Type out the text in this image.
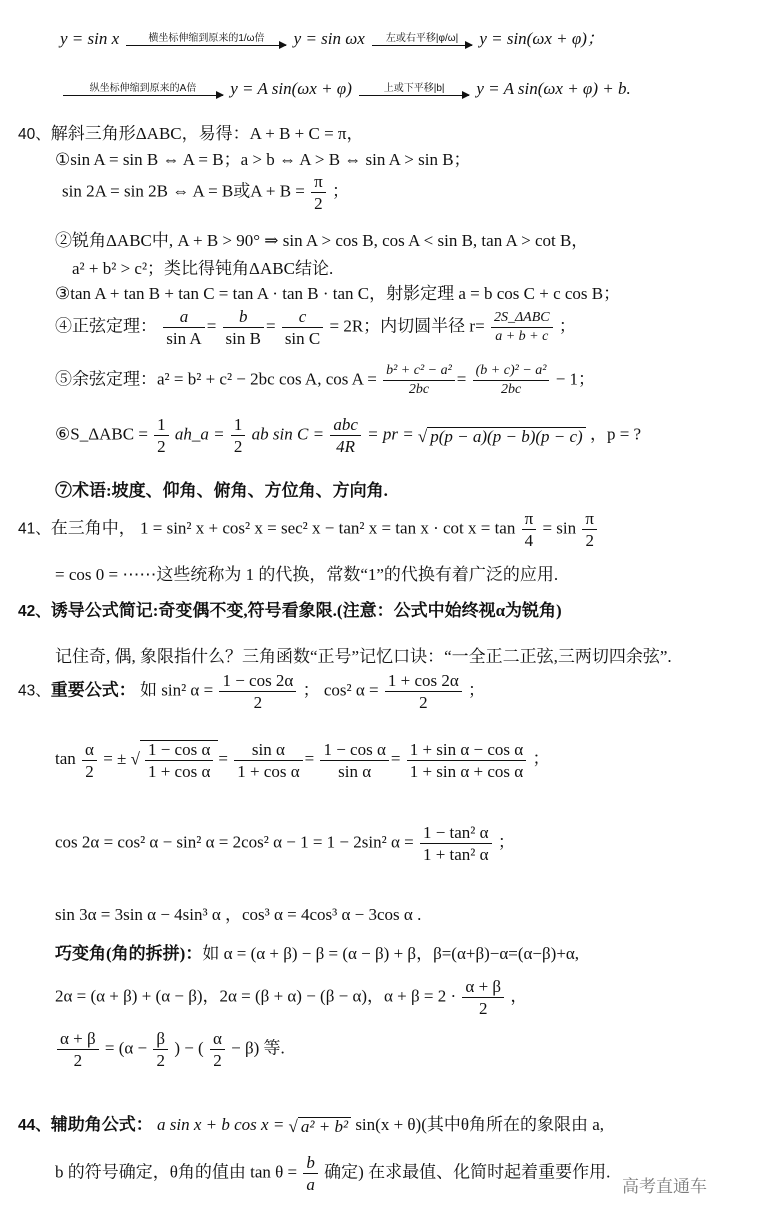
y = sin x	横坐标伸缩到原来的1/ω倍	y = sin ωx	左或右平移|φ/ω|	y = sin(ωx + φ)；
纵坐标伸缩到原来的A倍	y = A sin(ωx + φ)	上或下平移|b|	y = A sin(ωx + φ) + b.
40、解斜三角形ΔABC，易得：A + B + C = π，
①sin A = sin B ⇔ A = B；a > b ⇔ A > B ⇔ sin A > sin B；
sin 2A = sin 2B ⇔ A = B或$A + B = \frac{\pi}{2}$ ；
②锐角ΔABC中, A + B > 90° ⇒ sin A > cos B, cos A < sin B, tan A > cot B，
a² + b² > c²；类比得钝角ΔABC结论.
③tan A + tan B + tan C = tan A · tan B · tan C，射影定理 a = b cos C + c cos B；
④正弦定理： $\frac{a}{\text{sin A}} = \frac{b}{\text{sin B}} = \frac{c}{\text{sin C}} = 2R$；内切圆半径 $r= \frac{\text{2S\_ΔABC}}{a + b + c}$ ；
⑤余弦定理：a² = b² + c² − 2bc cos A, $\cos A = \frac{\text{b² + c² − a²}}{2bc} = \frac{\text{(b + c)² − a²}}{2bc} - 1$；
⑥S_ΔABC = $\frac{1}{2}$ ah_a = $\frac{1}{2}$ ab $\sin C = \frac{\text{abc}}{4R}$ = pr = √ p(p − a)(p − b)(p − c) ，p = ?
⑦术语:坡度、仰角、俯角、方位角、方向角.
41、在三角中， 1 = sin² x + cos² x = sec² x − tan² $x = \tan x \cdot \cot x = \tan \frac{\pi}{4} = \sin \frac{\pi}{2}$
= cos 0 = ⋯⋯这些统称为 1 的代换，常数“1”的代换有着广泛的应用.
42、诱导公式简记:奇变偶不变,符号看象限.(注意：公式中始终视α为锐角)
记住奇, 偶, 象限指什么？三角函数“正号”记忆口诀：“一全正二正弦,三两切四余弦”.
43、重要公式： 如 sin² $\alpha = \frac{1 - \cos 2\alpha}{2}$ ； cos² $\alpha = \frac{1 + \cos 2\alpha}{2}$ ；
$\tan \frac{\alpha}{2}$ = ± √ $\frac{\text{1 − cos α}}{\text{1 + cos α}} = \frac{\text{sin α}}{\text{1 + cos α}} = \frac{\text{1 − cos α}}{\text{sin α}} = \frac{\text{1 + sin α − cos α}}{\text{1 + sin α + cos α}}$ ；
cos 2α = cos² α − sin² α = 2cos² α − 1 = 1 − 2sin² $\alpha = \frac{\text{1 − tan² α}}{\text{1 + tan² α}}$ ；
sin 3α = 3sin α − 4sin³ α ，cos³ α = 4cos³ α − 3cos α .
巧变角(角的拆拼)：如 α = (α + β) − β = (α − β) + β，β=(α+β)−α=(α−β)+α,
2α = (α + β) + (α − β)，2α = (β + α) − (β − α)，$\alpha + \beta = 2 \cdot \frac{\alpha + \beta}{2}$ ，
$\frac{\alpha + \beta}{2} = (\alpha - \frac{\beta}{2}$ ) − ( $\frac{\alpha}{2} - \beta$) 等.
44、辅助角公式： a sin x + b cos x = √ a² + b² sin(x + θ)(其中θ角所在的象限由 a,
b 的符号确定，θ角的值由 $\tan \theta = \frac{b}{a}$ 确定) 在求最值、化简时起着重要作用.
高考直通车
